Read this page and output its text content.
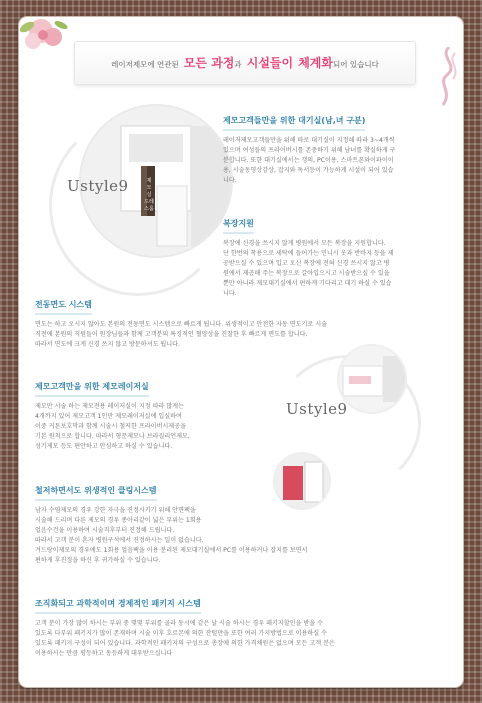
레이저제모에 연관된 모든 과정과 시설들이 체계화되어 있습니다
제 모 실 드레스룸
Ustyle9
Ustyle9
제모고객들만을 위한 대기실(남,녀 구분)

레이저제모고객들만을 위해 따로 대기실이 지정해 따라 3~4개씩

있으며 여성들의 프라이버시를 존중하기 위해 남녀를 확실하게 구

분합니다. 또한 대기실에서는 갱의, PC이용, 스마트폰와이파이이

용, 시술동영상감상, 잡지와 독서등이 가능하게 시설이 되어 있습

니다.

복장지원

복장에 신경을 쓰시지 않게 병원에서 모든 복장을 지원합니다.

단 한번의 착용으로 세탁에 들어가는 민니시 옷과 반바지 등을 제

공받으실 수 있으며 입고 오신 복장에 전혀 신경 쓰시지 않고 병

원에서 제공해 주는 복장으로 갈아입으시고 시술받으실 수 있을

뿐만 아니라 제모대기실에서 편하게 기다리고 대기 하실 수 있습

니다.

전동면도 시스템

면도는 하고 오시지 않아도 본원의 전동면도 시스템으로 빠르게 됩니다. 위생적이고 안전한 자동 면도기로 시술

직전에 본원의 직원들이 원장님들과 함께 고객분의 특징적인 혈양상을 진찰한 후 빠르게 면도를 합니다.

따라서 면도에 크게 신경 쓰지 않고 방문하셔도 됩니다.

제모고객만을 위한 제모레이저실

제모만 시술 하는 제모전용 레이저실이 지정 따라 많게는

4개까지 있어 제모고객 1인만 제모레이저실에 입실하여

이중 커튼보호막과 함께 시술시 철저한 프라이버시제공을

기본 원칙으로 합니다. 따라서 형문제모나 브라질리언제모,

성기제모 등도 편안하고 안심하고 하실 수 있습니다.

철저하면서도 위생적인 클링시스템

남자 수염제모의 경우 강한 자극을 진정시키기 위해 안면팩을

시술해 드리며 다른 제모의 경우 종아리같이 넓은 부위는 1회용

얼음수건을 이용하여 시술직후부터 진정해 드립니다.

따라서 고객 분이 혼자 병원구석에서 진정하시는 일이 없습니다.

겨드랑이제모의 경우에도 1회용 얼음팩을 이용 분리된 제모대기실에서 PC를 이용하거나 잡지를 보면서

편하게 후진정을 하신 후 귀가하실 수 있습니다.

조직화되고 과학적이며 경제적인 패키지 시스템

고객 분이 가장 많이 하시는 부위 중 몇몇 부위를 골라 동시에 같은 날 시술 하시는 경우 패키지할인을 받을 수

있도록 다부위 패키지가 많이 존재하며 시술 이후 호르몬에 의한 잔털만을 또한 여러 가지방법으로 이용하실 수

있도록 패키지 구성이 되어 있습니다. 과학적인 패키지의 구성으로 총장에 의한 가격체원은 없으며 모든 고객 분은

이용하시는 만큼 평등하고 동등하게 대우받으십니다
